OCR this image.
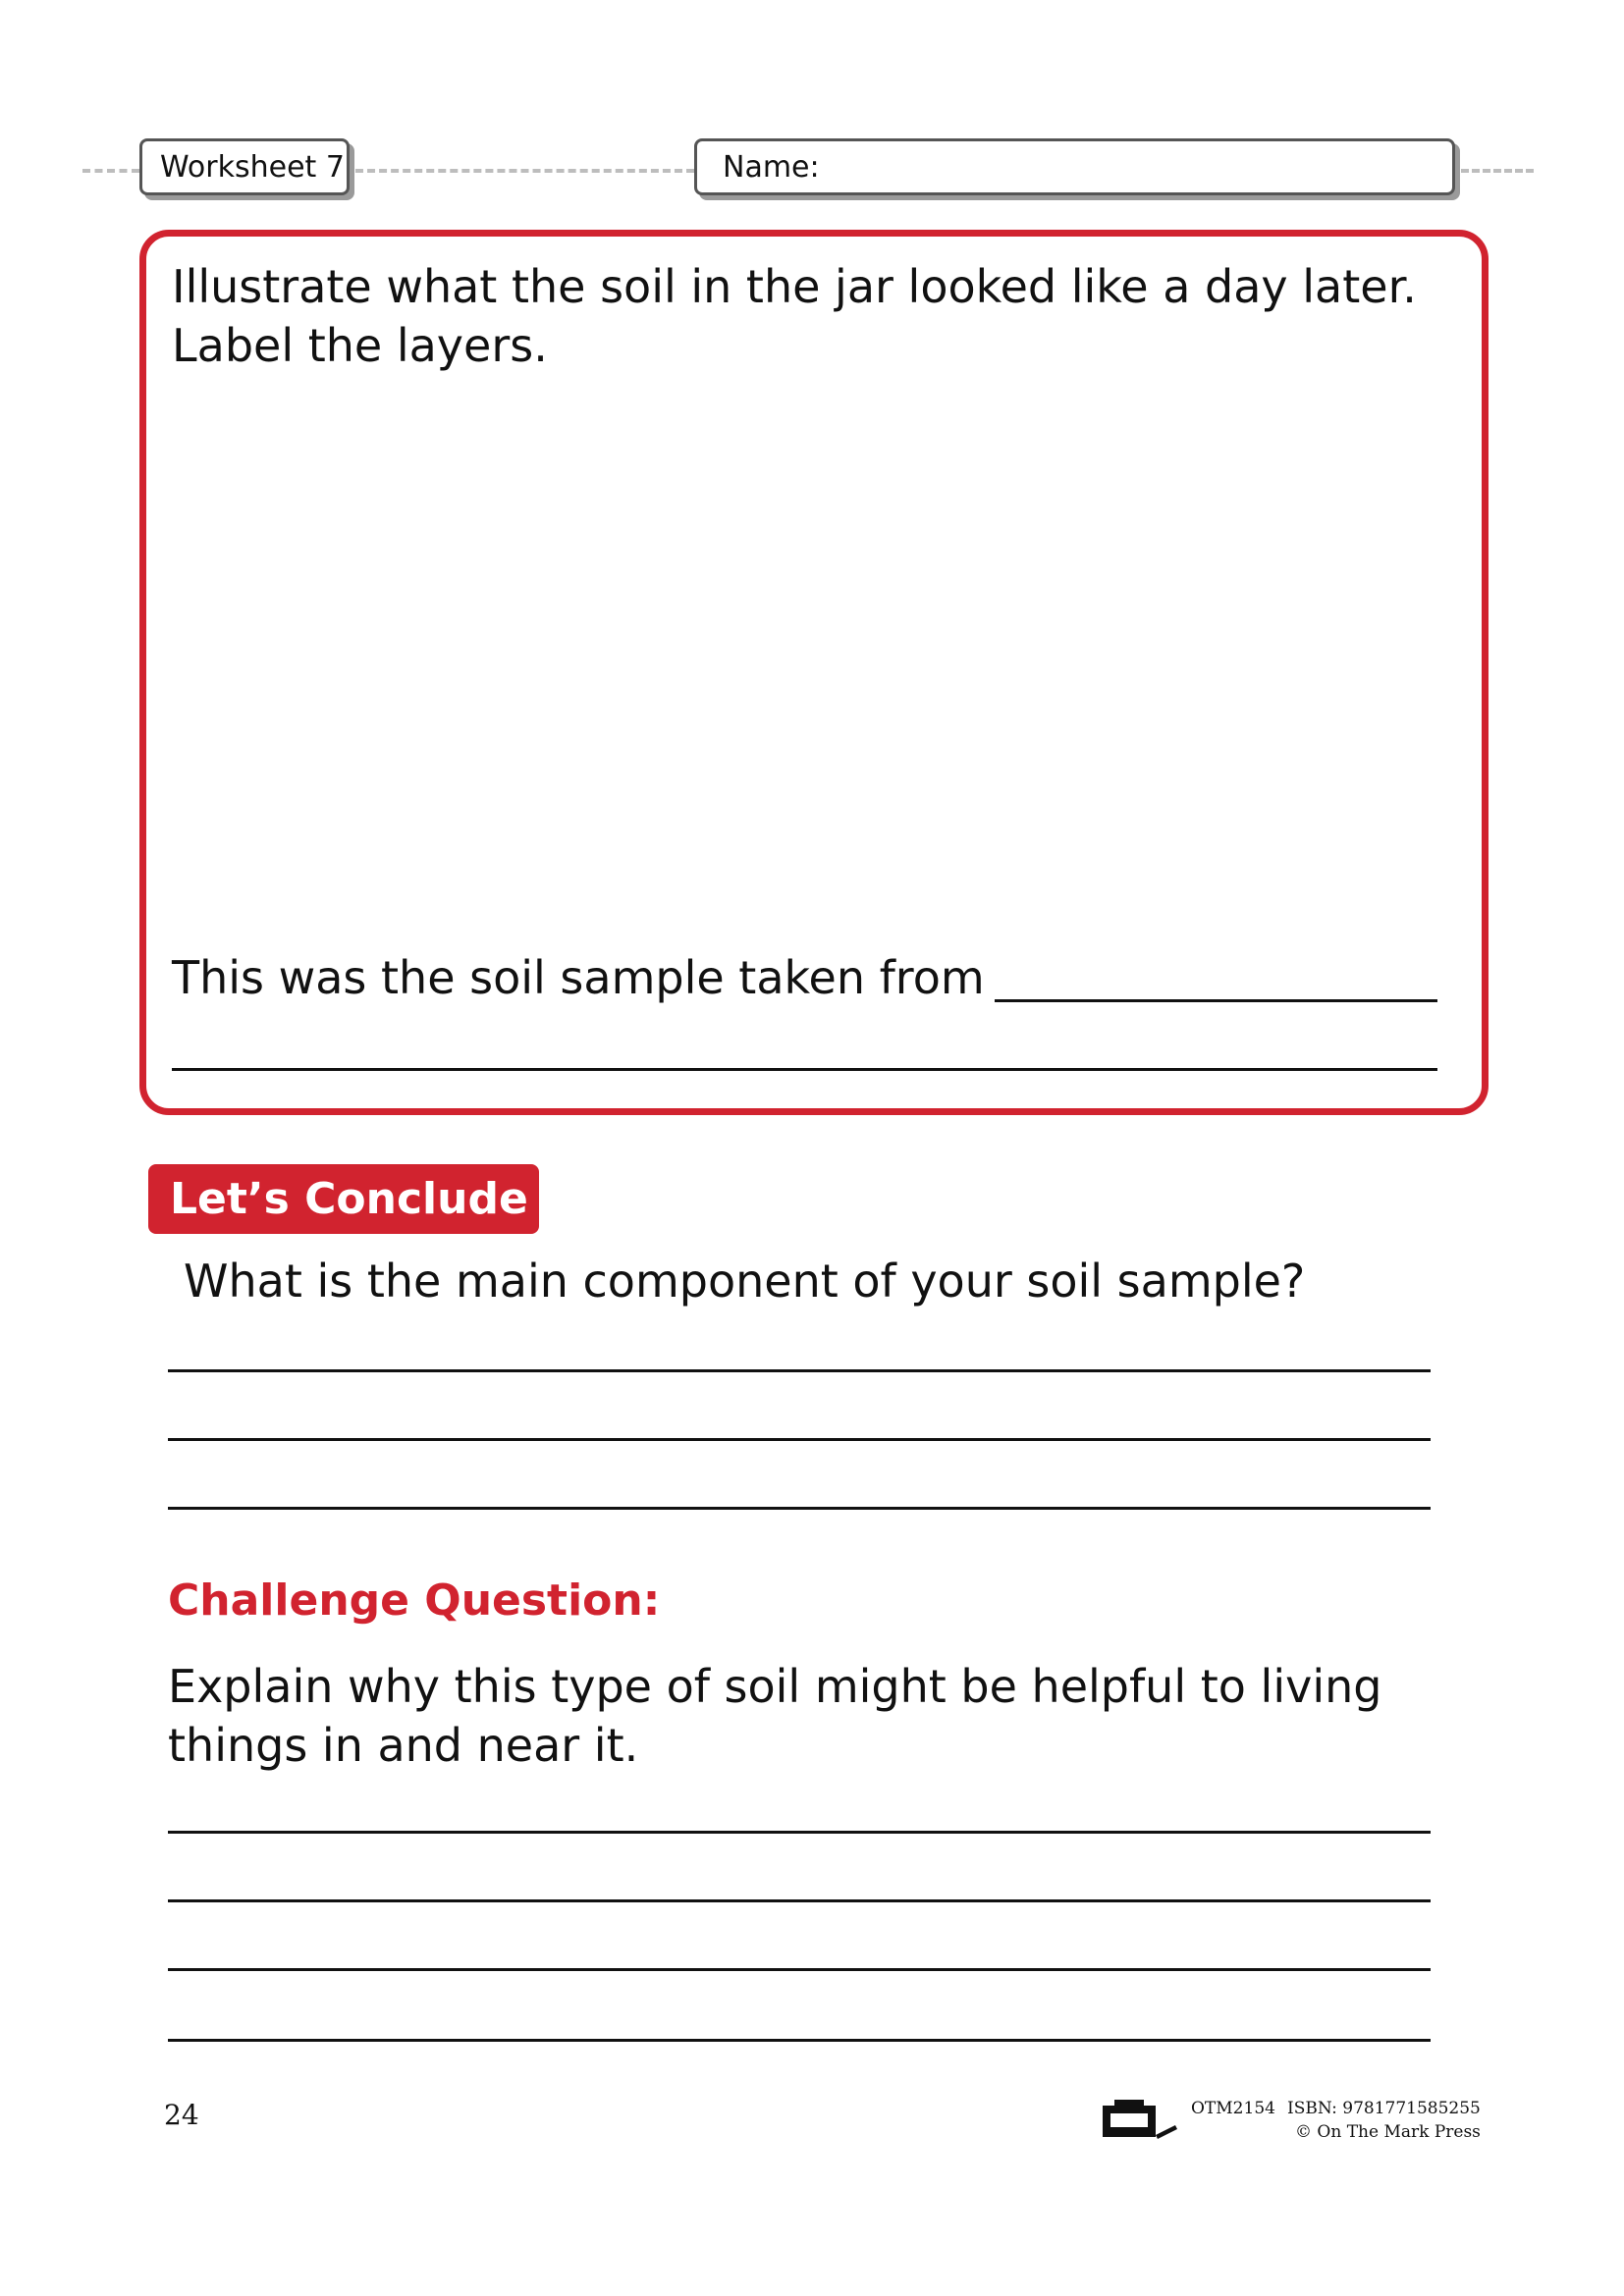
Worksheet 7	Name:
Illustrate what the soil in the jar looked like a day later. Label the layers.
This was the soil sample taken from
Let’s Conclude
What is the main component of your soil sample?
Challenge Question:
Explain why this type of soil might be helpful to living things in and near it.
24	OTM2154 ISBN: 9781771585255
© On The Mark Press
